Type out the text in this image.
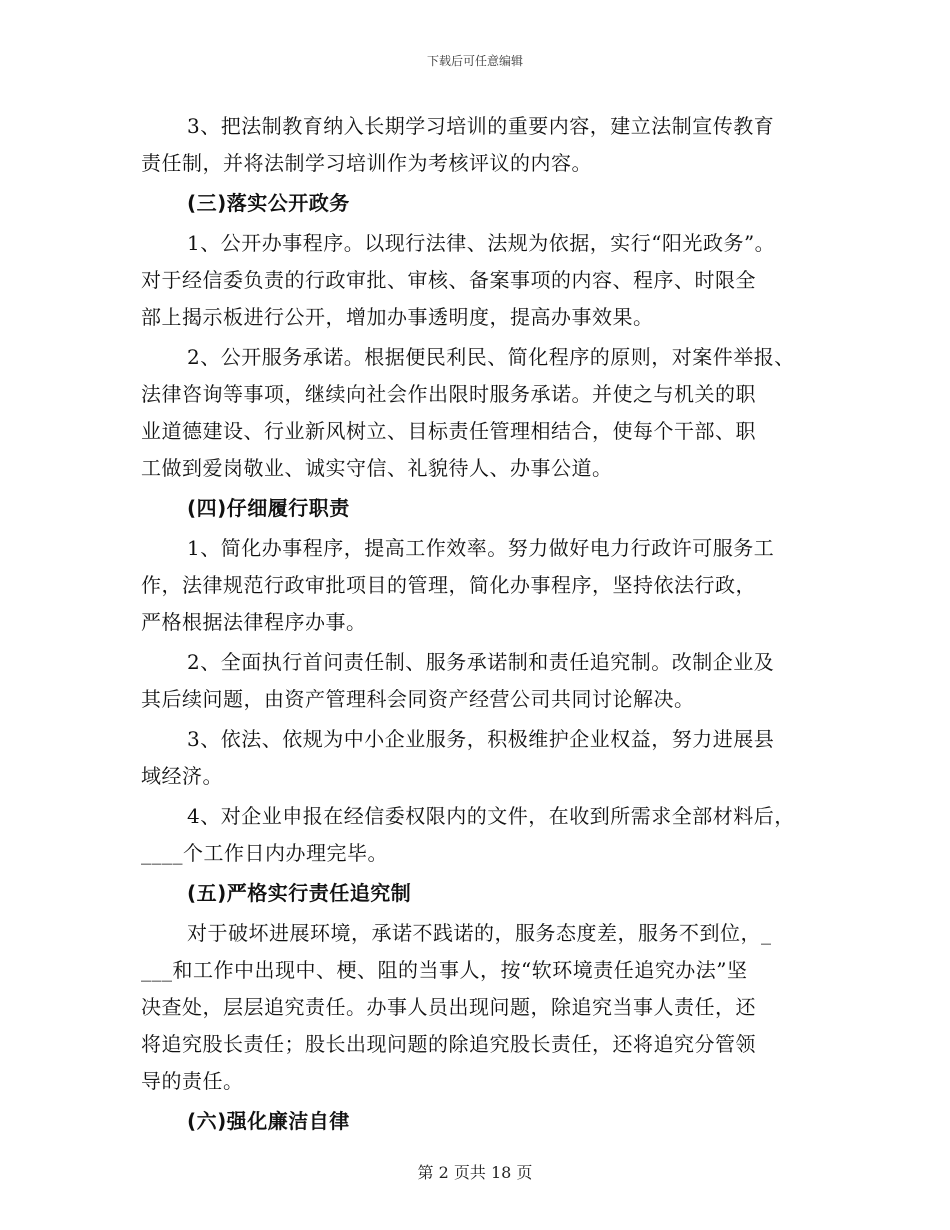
下载后可任意编辑
3、把法制教育纳入长期学习培训的重要内容，建立法制宣传教育
责任制，并将法制学习培训作为考核评议的内容。
(三)落实公开政务
1、公开办事程序。以现行法律、法规为依据，实行“阳光政务”。
对于经信委负责的行政审批、审核、备案事项的内容、程序、时限全
部上揭示板进行公开，增加办事透明度，提高办事效果。
2、公开服务承诺。根据便民利民、简化程序的原则，对案件举报、
法律咨询等事项，继续向社会作出限时服务承诺。并使之与机关的职
业道德建设、行业新风树立、目标责任管理相结合，使每个干部、职
工做到爱岗敬业、诚实守信、礼貌待人、办事公道。
(四)仔细履行职责
1、简化办事程序，提高工作效率。努力做好电力行政许可服务工
作，法律规范行政审批项目的管理，简化办事程序，坚持依法行政，
严格根据法律程序办事。
2、全面执行首问责任制、服务承诺制和责任追究制。改制企业及
其后续问题，由资产管理科会同资产经营公司共同讨论解决。
3、依法、依规为中小企业服务，积极维护企业权益，努力进展县
域经济。
4、对企业申报在经信委权限内的文件，在收到所需求全部材料后，
____个工作日内办理完毕。
(五)严格实行责任追究制
对于破坏进展环境，承诺不践诺的，服务态度差，服务不到位，_
___和工作中出现中、梗、阻的当事人，按“软环境责任追究办法”坚
决查处，层层追究责任。办事人员出现问题，除追究当事人责任，还
将追究股长责任；股长出现问题的除追究股长责任，还将追究分管领
导的责任。
(六)强化廉洁自律
第 2 页共 18 页
